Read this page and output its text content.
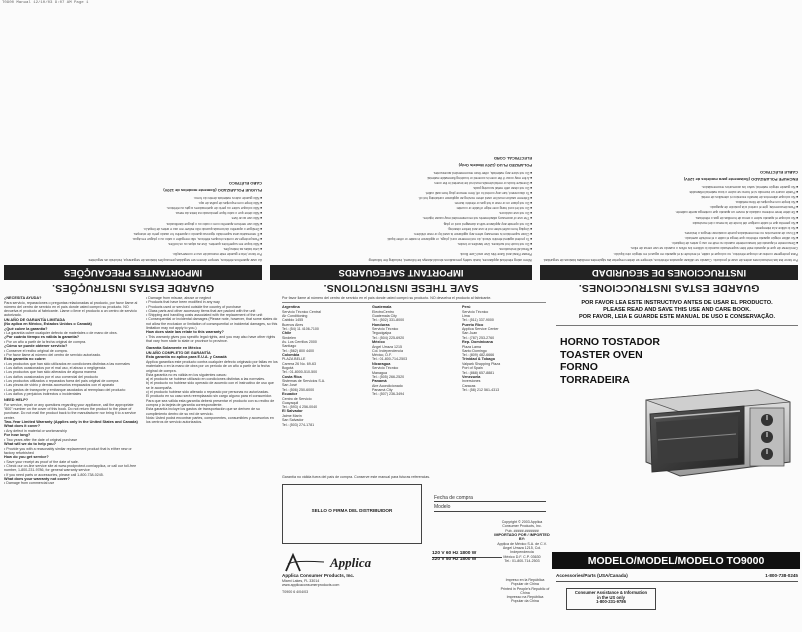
T0900 Manual 12/10/03 9:07 AM Page 1
GUARDE ESTAS INSTRUCCIONES.
INSTRUCCIONES DE SEGURIDAD
Por favor lea las instrucciones antes de usar el producto. Cuando se utilizan aparatos eléctricos, siempre se deben respetar las siguientes medidas básicas de seguridad.
Para protegerse contra un choque eléctrico, no coloque el cable, el enchufe ni el aparato en agua ni en ningún otro líquido.
Cerciórese de que el aparato esté bien supervisado cuando lo utilicen los niños o cuando se use cerca de ellos.
■ Desconecte el aparato del tomacorriente cuando no esté en uso y antes de limpiarlo.
■ No utilice ningún aparato eléctrico que tenga el cable o el enchufe averiado.
■ El uso de accesorios no recomendados puede ocasionar riesgos o lesiones.
■ No lo utilice a la intemperie.
■ No permita que el cable cuelgue del borde de la mesa o del mostrador.
■ No coloque el aparato sobre o cerca de hornillas de gas o eléctricas.
■ Se debe tener extremo cuidado al mover un aparato que contenga aceite caliente.
■ Para desconectar, gire el control a la posición de apagado.
■ No limpie con esponjas de fibra metálica.
■ No coloque alimentos de tamaño excesivo ni utensilios de metal.
■ Puede ocurrir un incendio si el horno se cubre o toca material inflamable.
■ No guarde ningún material, salvo los accesorios recomendados.
ENCHUFE POLARIZADO (Solamente para modelos de 120V)
CABLE ELÉCTRICO
SAVE THESE INSTRUCTIONS.
IMPORTANT SAFEGUARDS
When using electrical appliances, basic safety precautions should always be followed, including the following:
Please Read and Save this Use and Care Book.
■ Read all instructions.
■ Do not touch hot surfaces. Use handles or knobs.
■ To protect against electric shock, do not immerse cord, plugs, or appliance in water or other liquid.
■ Close supervision is necessary when any appliance is used by or near children.
■ Unplug from outlet when not in use and before cleaning.
■ Do not operate any appliance with a damaged cord or plug.
■ The use of accessory attachments not recommended may cause injuries.
■ Do not use outdoors.
■ Do not let cord hang over edge of table or counter.
■ Do not place on or near a hot gas or electric burner.
■ Extreme caution must be used when moving an appliance containing hot oil.
■ To disconnect, turn any control to off, then remove plug from wall outlet.
■ Do not clean with metal scouring pads.
■ Oversize foods or metal utensils must not be inserted in the oven.
■ A fire may occur if the oven is covered or touching flammable material.
■ Do not store any materials, other than recommended accessories.
POLARIZED PLUG (120V Models Only)
ELECTRICAL CORD
GUARDE ESTAS INSTRUÇÕES.
IMPORTANTES PRECAUÇÕES
Ao usar aparelhos elétricos, sempre devem ser seguidas precauções básicas de segurança, incluindo as seguintes:
Por favor, leia e guarde este manual de uso e conservação.
■ Leia todas as instruções.
■ Não toque em superfícies quentes. Use as alças ou os botões.
■ Para proteger-se contra choques elétricos, não mergulhe o cabo ou o plugue em água.
■ É necessária uma supervisão rigorosa quando o aparelho for usado perto de crianças.
■ Desligue o aparelho da tomada quando não estiver em uso e antes de limpá-lo.
■ Não use nenhum aparelho com o cabo ou o plugue danificados.
■ Não use ao ar livre.
■ Não deixe que o cabo fique pendurado na beira da mesa.
■ Não coloque sobre ou perto de queimadores a gás ou elétricos.
■ Não limpe com esponjas de palha de aço.
■ Não guarde outros materiais dentro do forno.
PLUGUE POLARIZADO (Somente modelos de 120V)
CABO ELÉTRICO
¿NECESITA AYUDA?
Para servicio, reparaciones o preguntas relacionadas al producto, por favor llame al número del centro de servicio en el país donde usted compró su producto. NO devuelva el producto al fabricante. Llame o lleve el producto a un centro de servicio autorizado.
UN AÑO DE GARANTÍA LIMITADA
(No aplica en México, Estados Unidos o Canadá)
¿Qué cubre la garantía?
• La garantía cubre cualquier defecto de materiales o de mano de obra.
¿Por cuánto tiempo es válida la garantía?
• Por un año a partir de la fecha original de compra.
¿Cómo se puede obtener servicio?
• Conserve el recibo original de compra.
• Por favor llame al número del centro de servicio autorizado.
Esta garantía no cubre:
• Los productos que han sido utilizados en condiciones distintas a las normales
• Los daños ocasionados por el mal uso, el abuso o negligencia
• Los productos que han sido alterados de alguna manera
• Los daños ocasionados por el uso comercial del producto
• Los productos utilizados o reparados fuera del país original de compra
• Las piezas de vidrio y demás accesorios empacados con el aparato
• Los gastos de transporte y embarque asociados al reemplazo del producto
• Los daños y perjuicios indirectos o incidentales
NEED HELP?
For service, repair or any questions regarding your appliance, call the appropriate "800" number on the cover of this book. Do not return the product to the place of purchase. Do not mail the product back to the manufacturer nor bring it to a service center.
Two-Year Limited Warranty (Applies only in the United States and Canada)
What does it cover?
• Any defect in material or workmanship
For how long?
• Two years after the date of original purchase
What will we do to help you?
• Provide you with a reasonably similar replacement product that is either new or factory refurbished
How do you get service?
• Save your receipt as proof of the date of sale.
• Check our on-line service site at www.prodprotect.com/applica, or call our toll-free number, 1-800-231-9786, for general warranty service
• If you need parts or accessories, please call 1-800-738-0245.
What does your warranty not cover?
• Damage from commercial use
• Damage from misuse, abuse or neglect
• Products that have been modified in any way
• Products used or serviced outside the country of purchase
• Glass parts and other accessory items that are packed with the unit
• Shipping and handling costs associated with the replacement of the unit
• Consequential or incidental damages (Please note, however, that some states do not allow the exclusion or limitation of consequential or incidental damages, so this limitation may not apply to you.)
How does state law relate to this warranty?
• This warranty gives you specific legal rights, and you may also have other rights that vary from state to state or province to province.
Garantía Solamente en México
UN AÑO COMPLETO DE GARANTÍA
Esta garantía no aplica para E.U.A. y Canadá
Applica garantiza este producto contra cualquier defecto originado por fallas en los materiales o en la mano de obra por un período de un año a partir de la fecha original de compra.
Esta garantía no es válida en los siguientes casos:
a) el producto se hubiese utilizado en condiciones distintas a las normales.
b) el producto no hubiese sido operado de acuerdo con el instructivo de uso que se le acompaña.
c) el producto hubiese sido alterado o reparado por personas no autorizadas.
El producto en su caso será reemplazado sin cargo alguno para el consumidor.
Para que sea válida esta garantía deberá presentar el producto con su recibo de compra y la tarjeta de garantía correspondiente.
Esta garantía incluye los gastos de transportación que se deriven de su cumplimiento dentro de su red de servicio.
Nota: Usted podrá encontrar partes, componentes, consumibles y accesorios en los centros de servicio autorizados.
Por favor llame al número del centro de servicio en el país donde usted compró su producto. NO devuelva el producto al fabricante.
Argentina
Servicio Técnico Central
Air Conditioning
Cabildo 1455
Buenos Aires
Tel.: (54) 11 4106-7100
Chile
Sindelen
Av. Los Cerrillos 2000
Santiago
Tel.: (562) 800 4400
Colombia
PLAZA BELLE
Carrera 26 No. 69-63
Bogotá
Tel.: 01-8000-510-500
Costa Rica
Sistemas de Servicios S.A.
San José
Tel.: (506) 250-6000
Ecuador
Centro de Servicio
Guayaquil
Tel.: (593) 4 256-0040
El Salvador
Jaime Marín
San Salvador
Tel.: (503) 274-1781
Guatemala
ElectroCentro
Guatemala City
Tel.: (502) 331-8000
Honduras
Servicio Técnico
Tegucigalpa
Tel.: (504) 225-6920
México
Ángel Urraza 1215
Col. Independencia
México, D.F.
Tel.: 01-800-714-2503
Nicaragua
Servicio Técnico
Managua
Tel.: (505) 266-2520
Panamá
Aire Acondicionado
Panamá City
Tel.: (507) 236-3494
Perú
Servicio Técnico
Lima
Tel.: (511) 337-9000
Puerto Rico
Applica Service Center
San Juan
Tel.: (787) 253-2760
Rep. Dominicana
Plaza Lama
Santo Domingo
Tel.: (809) 482-6666
Trinidad & Tobago
Valpark Shopping Plaza
Port of Spain
Tel.: (868) 657-8881
Venezuela
Inversiones
Caracas
Tel.: (58) 212 561-4313
Garantía no válida fuera del país de compra. Conserve este manual para futuras referencias.
SELLO O FIRMA DEL DISTRIBUIDOR
Fecha de compra
Modelo
Applica
Applica Consumer Products, Inc.
Miami Lakes, FL 33014
www.applicaconsumerproducts.com
T0900 6 4/04/03
120 V 60 Hz 1800 W
220 V 50 Hz 1800 W
Copyright © 2003 Applica Consumer Products, Inc.
Pub. #####-#######
IMPORTADO POR / IMPORTED BY:
Applica de México S.A. de C.V.
Ángel Urraza 1215, Col. Independencia
México D.F. C.P. 03630
Tel.: 01-800-714-2503
Impreso en la República Popular de China
Printed in People's Republic of China
Impresso na República Popular da China
POR FAVOR LEA ESTE INSTRUCTIVO ANTES DE USAR EL PRODUCTO.
PLEASE READ AND SAVE THIS USE AND CARE BOOK.
POR FAVOR, LEIA E GUARDE ESTE MANUAL DE USO E CONSERVAÇÃO.
HORNO TOSTADOR
TOASTER OVEN
FORNO TORRADEIRA
MODELO/MODEL/MODELO TO9000
Accessories/Parts (USA/Canada)	1-800-738-0245
Consumer Assistance & Information
in the US only
1-800-231-9786
